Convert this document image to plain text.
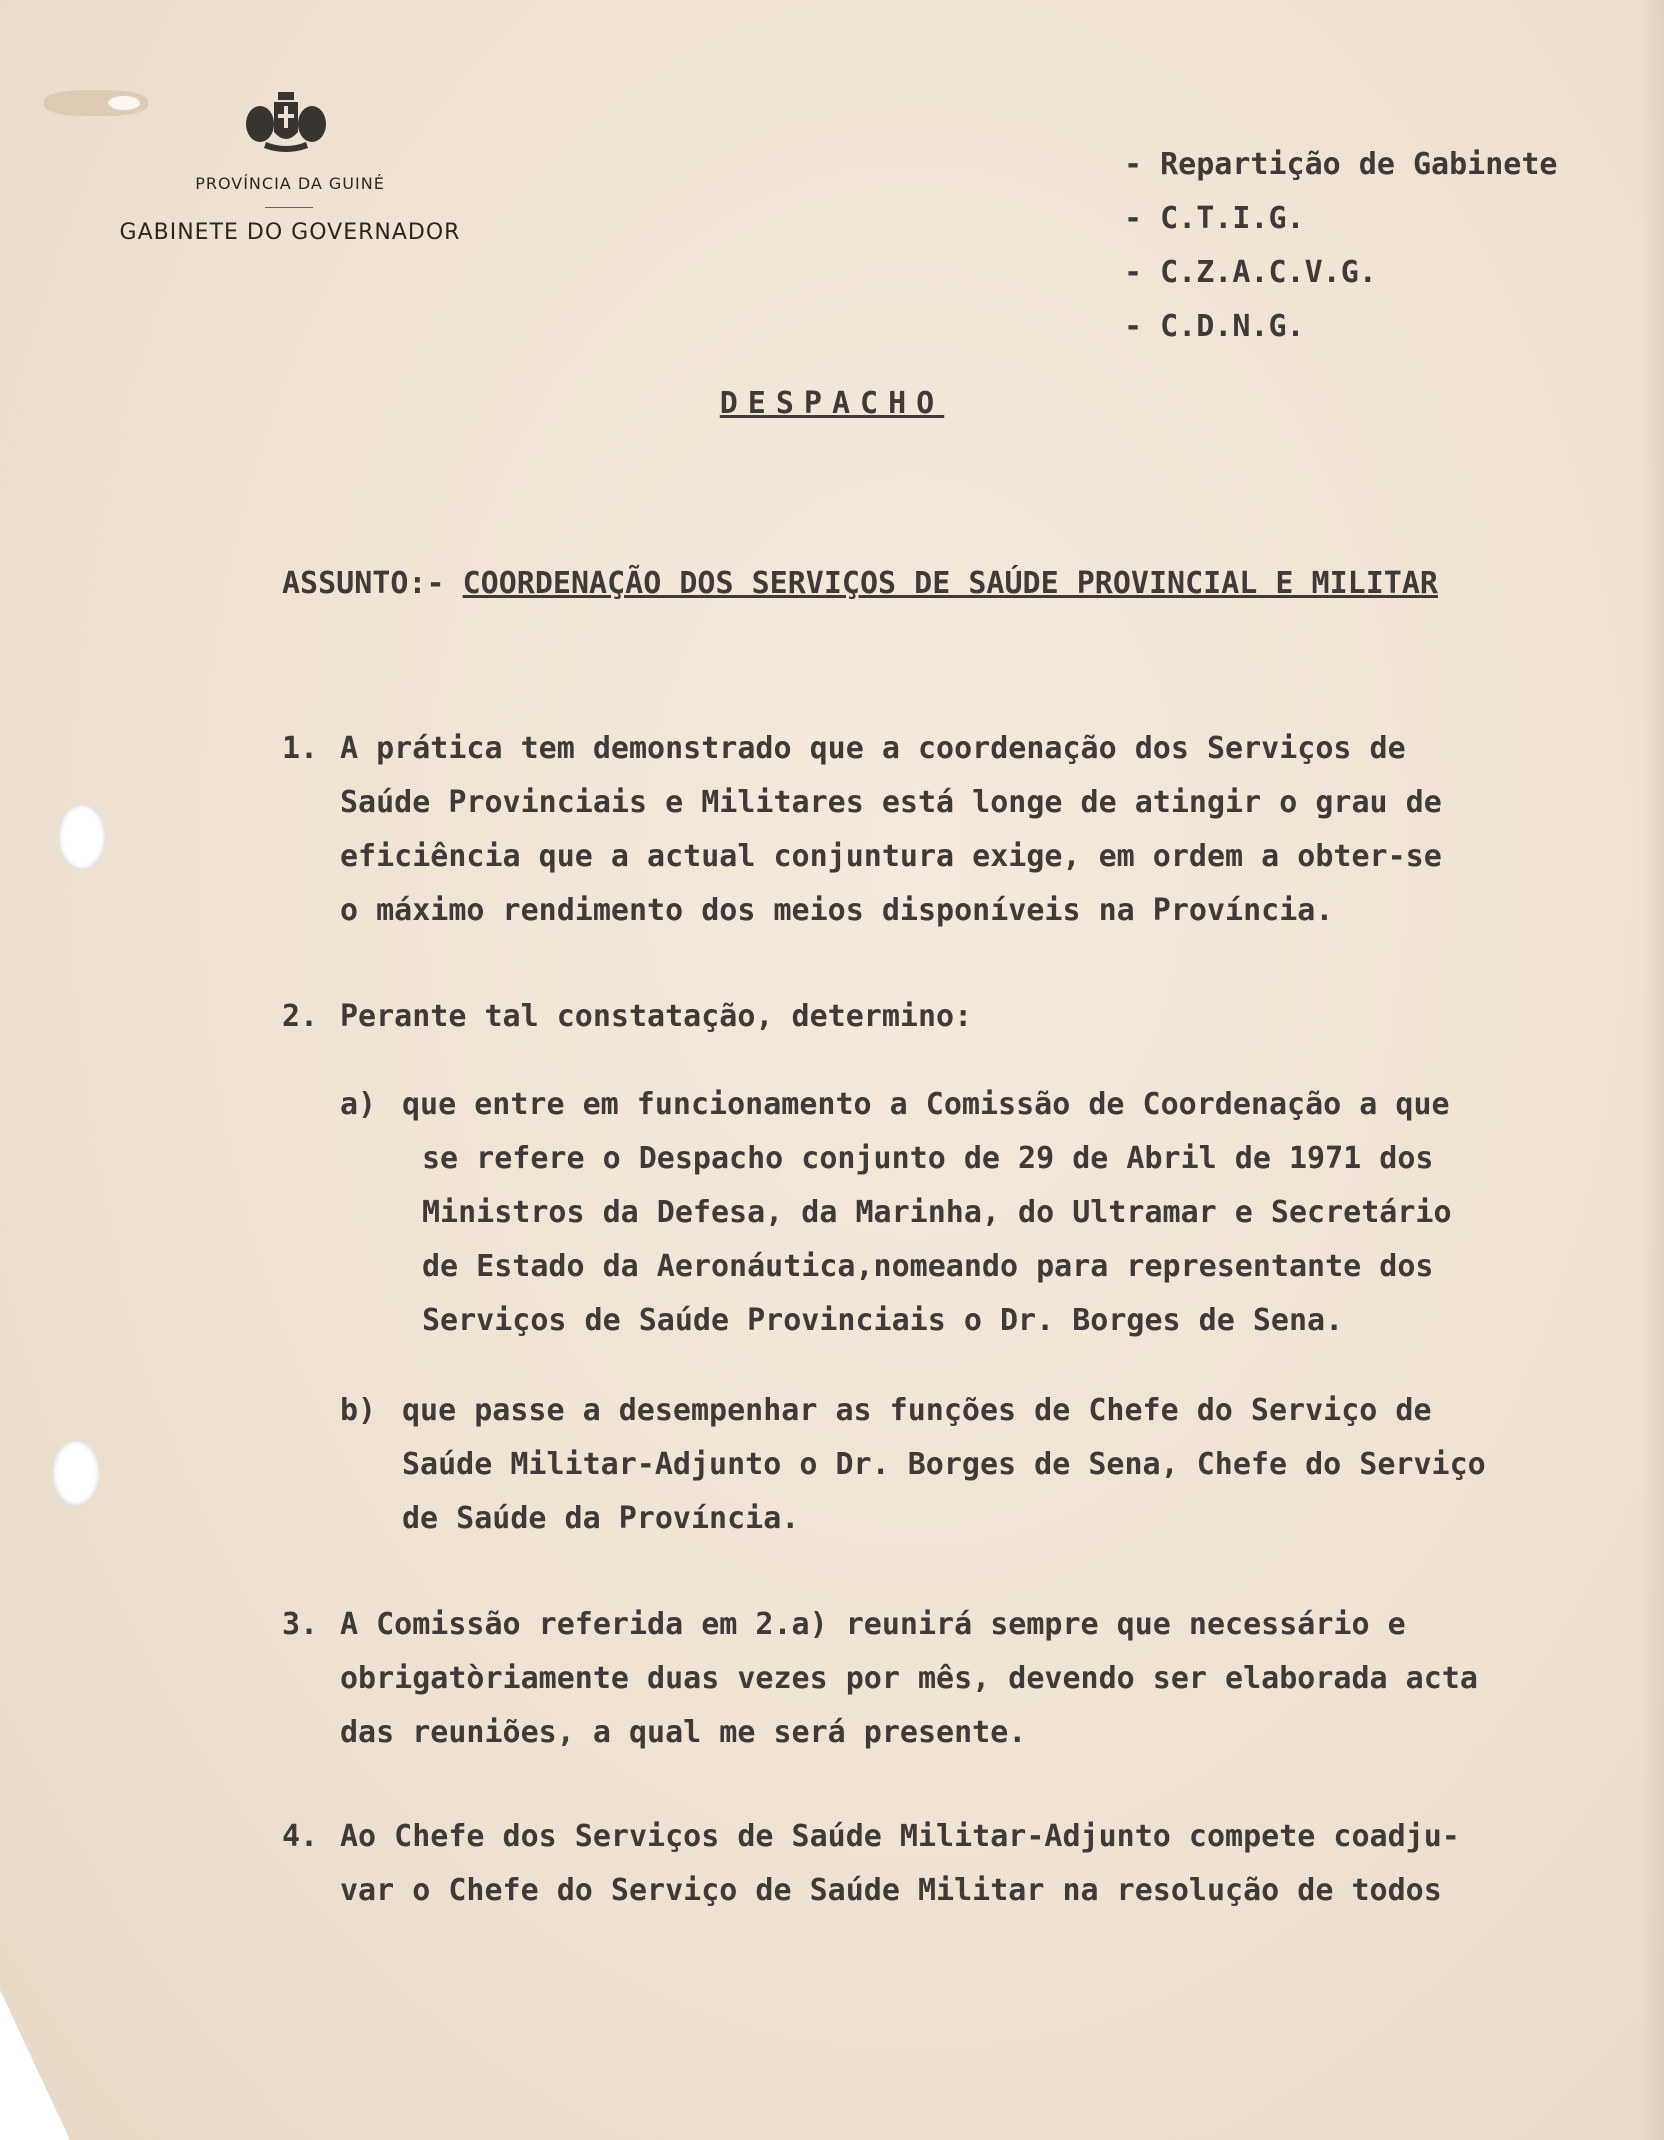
PROVÍNCIA DA GUINÉ
GABINETE DO GOVERNADOR
- Repartição de Gabinete
- C.T.I.G.
- C.Z.A.C.V.G.
- C.D.N.G.
DESPACHO
ASSUNTO:- COORDENAÇÃO DOS SERVIÇOS DE SAÚDE PROVINCIAL E MILITAR
1. A prática tem demonstrado que a coordenação dos Serviços de
Saúde Provinciais e Militares está longe de atingir o grau de
eficiência que a actual conjuntura exige, em ordem a obter-se
o máximo rendimento dos meios disponíveis na Província.
2. Perante tal constatação, determino:
a) que entre em funcionamento a Comissão de Coordenação a que
se refere o Despacho conjunto de 29 de Abril de 1971 dos
Ministros da Defesa, da Marinha, do Ultramar e Secretário
de Estado da Aeronáutica,nomeando para representante dos
Serviços de Saúde Provinciais o Dr. Borges de Sena.
b) que passe a desempenhar as funções de Chefe do Serviço de
Saúde Militar-Adjunto o Dr. Borges de Sena, Chefe do Serviço
de Saúde da Província.
3. A Comissão referida em 2.a) reunirá sempre que necessário e
obrigatòriamente duas vezes por mês, devendo ser elaborada acta
das reuniões, a qual me será presente.
4. Ao Chefe dos Serviços de Saúde Militar-Adjunto compete coadju-
var o Chefe do Serviço de Saúde Militar na resolução de todos
